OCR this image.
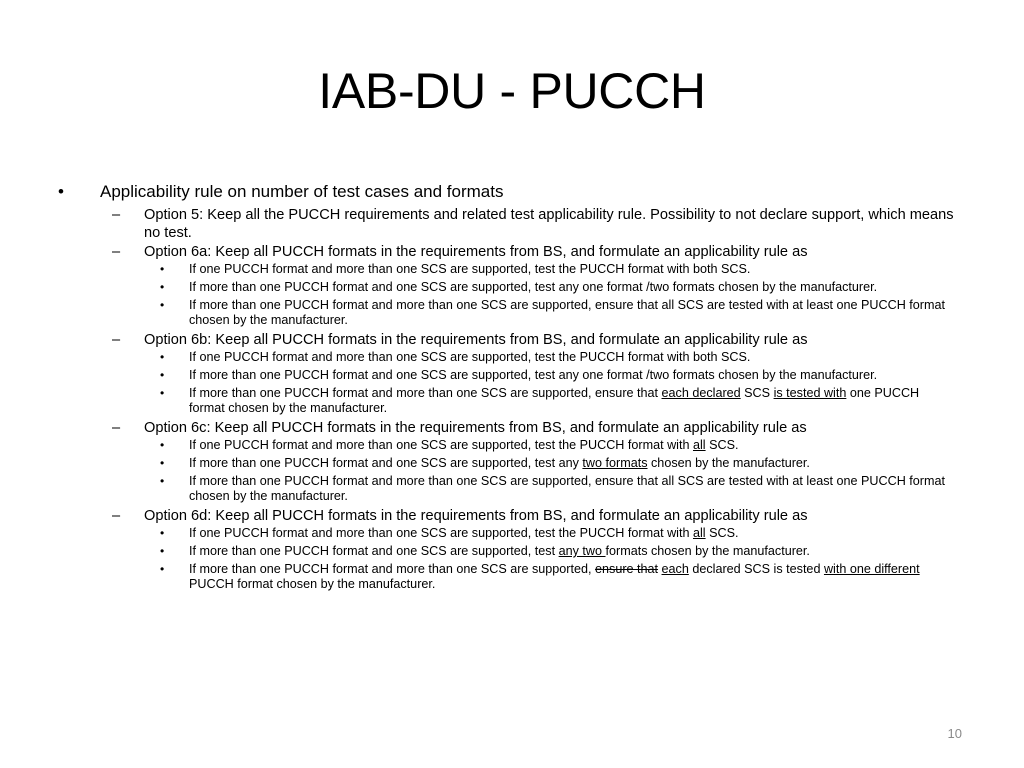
IAB-DU - PUCCH
• Applicability rule on number of test cases and formats
– Option 5: Keep all the PUCCH requirements and related test applicability rule. Possibility to not declare support, which means no test.
– Option 6a: Keep all PUCCH formats in the requirements from BS, and formulate an applicability rule as
• If one PUCCH format and more than one SCS are supported, test the PUCCH format with both SCS.
• If more than one PUCCH format and one SCS are supported, test any one format /two formats chosen by the manufacturer.
• If more than one PUCCH format and more than one SCS are supported, ensure that all SCS are tested with at least one PUCCH format chosen by the manufacturer.
– Option 6b: Keep all PUCCH formats in the requirements from BS, and formulate an applicability rule as
• If one PUCCH format and more than one SCS are supported, test the PUCCH format with both SCS.
• If more than one PUCCH format and one SCS are supported, test any one format /two formats chosen by the manufacturer.
• If more than one PUCCH format and more than one SCS are supported, ensure that each declared SCS is tested with one PUCCH format chosen by the manufacturer.
– Option 6c: Keep all PUCCH formats in the requirements from BS, and formulate an applicability rule as
• If one PUCCH format and more than one SCS are supported, test the PUCCH format with all SCS.
• If more than one PUCCH format and one SCS are supported, test any two formats chosen by the manufacturer.
• If more than one PUCCH format and more than one SCS are supported, ensure that all SCS are tested with at least one PUCCH format chosen by the manufacturer.
– Option 6d: Keep all PUCCH formats in the requirements from BS, and formulate an applicability rule as
• If one PUCCH format and more than one SCS are supported, test the PUCCH format with all SCS.
• If more than one PUCCH format and one SCS are supported, test any two formats chosen by the manufacturer.
• If more than one PUCCH format and more than one SCS are supported, ensure that each declared SCS is tested with one different PUCCH format chosen by the manufacturer.
10
